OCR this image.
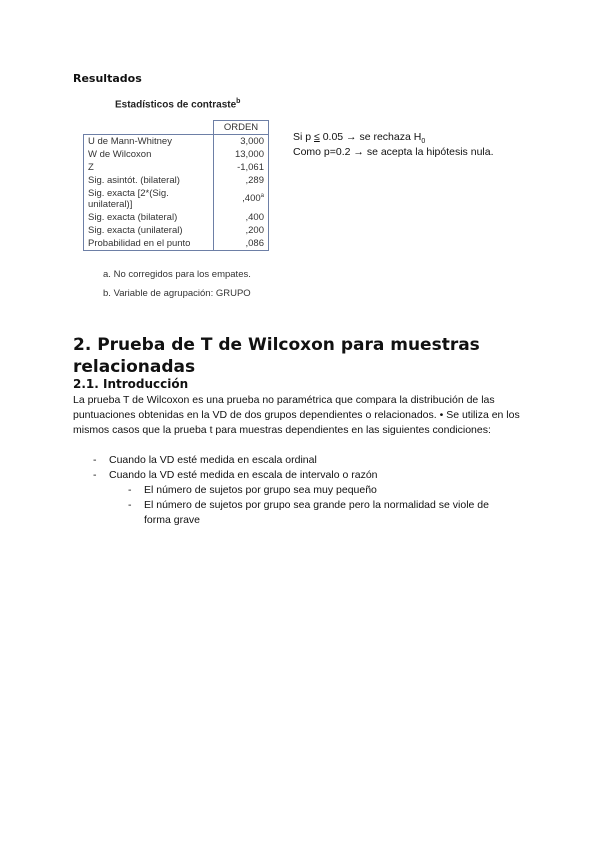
Resultados
Estadísticos de contraste$^b$
	ORDEN
U de Mann-Whitney	3,000
W de Wilcoxon	13,000
Z	-1,061
Sig. asintót. (bilateral)	,289
Sig. exacta [2*(Sig. unilateral)]	,400$^a$
Sig. exacta (bilateral)	,400
Sig. exacta (unilateral)	,200
Probabilidad en el punto	,086
a. No corregidos para los empates.
b. Variable de agrupación: GRUPO
Si p ≤ 0.05 → se rechaza $H_0$
Como p=0.2 → se acepta la hipótesis nula.
2. Prueba de T de Wilcoxon para muestras relacionadas
2.1. Introducción
La prueba T de Wilcoxon es una prueba no paramétrica que compara la distribución de las puntuaciones obtenidas en la VD de dos grupos dependientes o relacionados. • Se utiliza en los mismos casos que la prueba t para muestras dependientes en las siguientes condiciones:
- Cuando la VD esté medida en escala ordinal
- Cuando la VD esté medida en escala de intervalo o razón
- El número de sujetos por grupo sea muy pequeño
- El número de sujetos por grupo sea grande pero la normalidad se viole de forma grave
